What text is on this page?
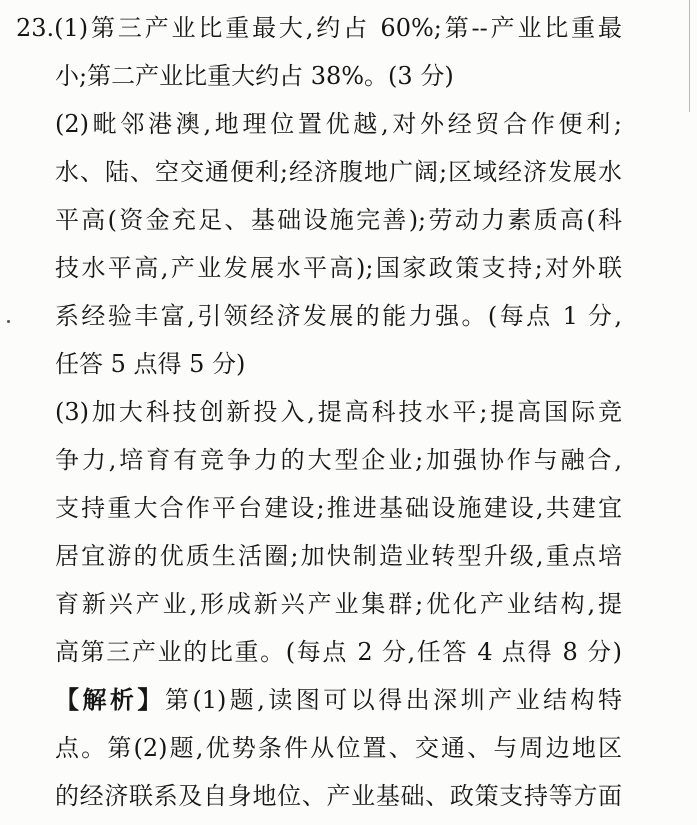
23.(1)第三产业比重最大,约占 60%;第--产业比重最
小;第二产业比重大约占 38%。(3 分)
(2)毗邻港澳,地理位置优越,对外经贸合作便利;
水、陆、空交通便利;经济腹地广阔;区域经济发展水
平高(资金充足、基础设施完善);劳动力素质高(科
技水平高,产业发展水平高);国家政策支持;对外联
系经验丰富,引领经济发展的能力强。(每点 1 分,
任答 5 点得 5 分)
(3)加大科技创新投入,提高科技水平;提高国际竞
争力,培育有竞争力的大型企业;加强协作与融合,
支持重大合作平台建设;推进基础设施建设,共建宜
居宜游的优质生活圈;加快制造业转型升级,重点培
育新兴产业,形成新兴产业集群;优化产业结构,提
高第三产业的比重。(每点 2 分,任答 4 点得 8 分)
【解析】第(1)题,读图可以得出深圳产业结构特
点。第(2)题,优势条件从位置、交通、与周边地区
的经济联系及自身地位、产业基础、政策支持等方面
